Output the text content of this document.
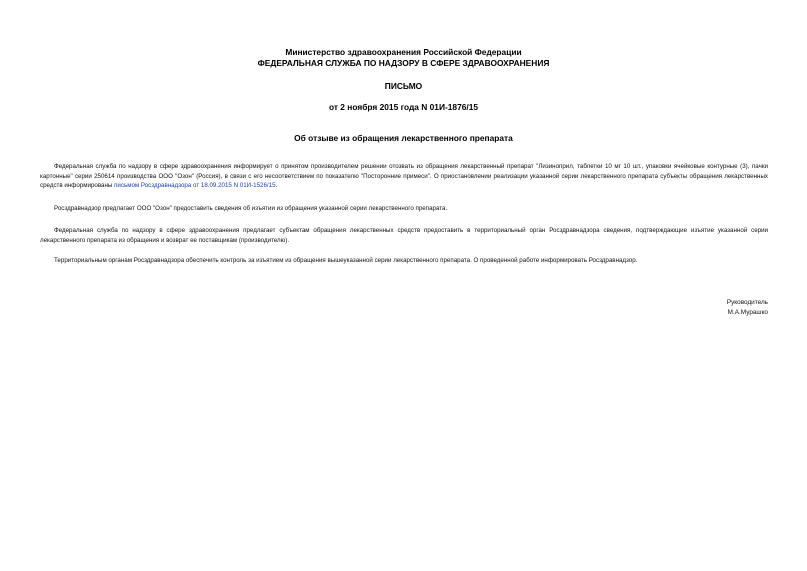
Министерство здравоохранения Российской Федерации
ФЕДЕРАЛЬНАЯ СЛУЖБА ПО НАДЗОРУ В СФЕРЕ ЗДРАВООХРАНЕНИЯ
ПИСЬМО
от 2 ноября 2015 года N 01И-1876/15
Об отзыве из обращения лекарственного препарата
Федеральная служба по надзору в сфере здравоохранения информирует о принятом производителем решении отозвать из обращения лекарственный препарат "Лизиноприл, таблетки 10 мг 10 шт., упаковки ячейковые контурные (3), пачки картонные" серии 250614 производства ООО "Озон" (Россия), в связи с его несоответствием по показателю "Посторонние примеси". О приостановлении реализации указанной серии лекарственного препарата субъекты обращения лекарственных средств информированы письмом Росздравнадзора от 18.09.2015 N 01И-1526/15.
Росздравнадзор предлагает ООО "Озон" предоставить сведения об изъятии из обращения указанной серии лекарственного препарата.
Федеральная служба по надзору в сфере здравоохранения предлагает субъектам обращения лекарственных средств предоставить в территориальный орган Росздравнадзора сведения, подтверждающие изъятие указанной серии лекарственного препарата из обращения и возврат ее поставщикам (производителю).
Территориальным органам Росздравнадзора обеспечить контроль за изъятием из обращения вышеуказанной серии лекарственного препарата. О проведенной работе информировать Росздравнадзор.
Руководитель
М.А.Мурашко
